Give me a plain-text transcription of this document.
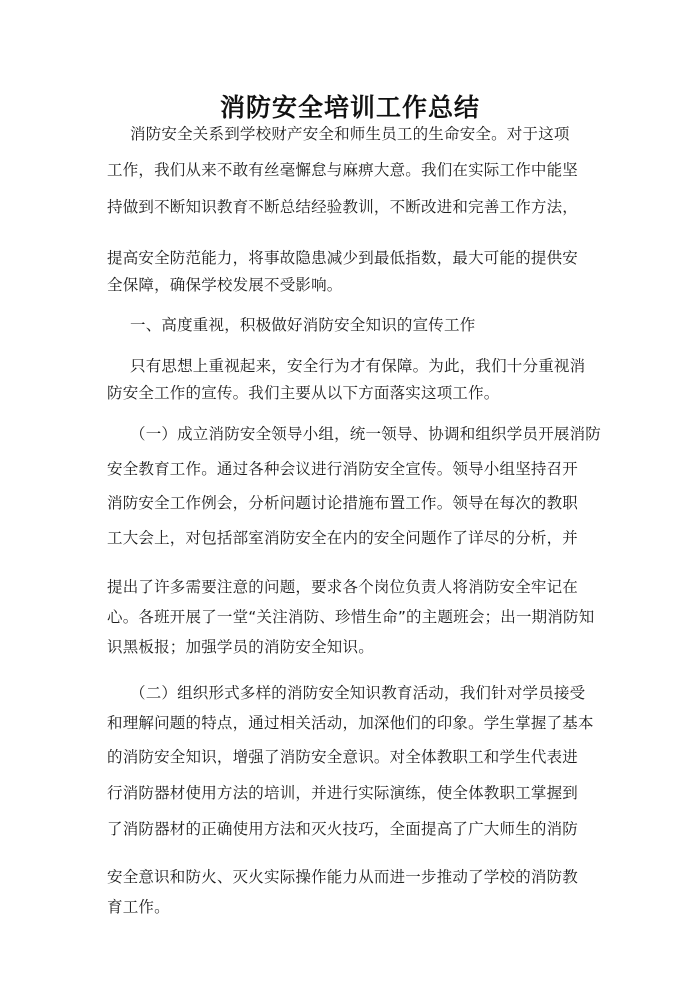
消防安全培训工作总结
消防安全关系到学校财产安全和师生员工的生命安全。对于这项
工作，我们从来不敢有丝毫懈怠与麻痹大意。我们在实际工作中能坚
持做到不断知识教育不断总结经验教训，不断改进和完善工作方法，
提高安全防范能力，将事故隐患减少到最低指数，最大可能的提供安
全保障，确保学校发展不受影响。
一、高度重视，积极做好消防安全知识的宣传工作
只有思想上重视起来，安全行为才有保障。为此，我们十分重视消
防安全工作的宣传。我们主要从以下方面落实这项工作。
（一）成立消防安全领导小组，统一领导、协调和组织学员开展消防
安全教育工作。通过各种会议进行消防安全宣传。领导小组坚持召开
消防安全工作例会，分析问题讨论措施布置工作。领导在每次的教职
工大会上，对包括部室消防安全在内的安全问题作了详尽的分析，并
提出了许多需要注意的问题，要求各个岗位负责人将消防安全牢记在
心。各班开展了一堂“关注消防、珍惜生命”的主题班会；出一期消防知
识黑板报；加强学员的消防安全知识。
（二）组织形式多样的消防安全知识教育活动，我们针对学员接受
和理解问题的特点，通过相关活动，加深他们的印象。学生掌握了基本
的消防安全知识，增强了消防安全意识。对全体教职工和学生代表进
行消防器材使用方法的培训，并进行实际演练，使全体教职工掌握到
了消防器材的正确使用方法和灭火技巧，全面提高了广大师生的消防
安全意识和防火、灭火实际操作能力从而进一步推动了学校的消防教
育工作。
